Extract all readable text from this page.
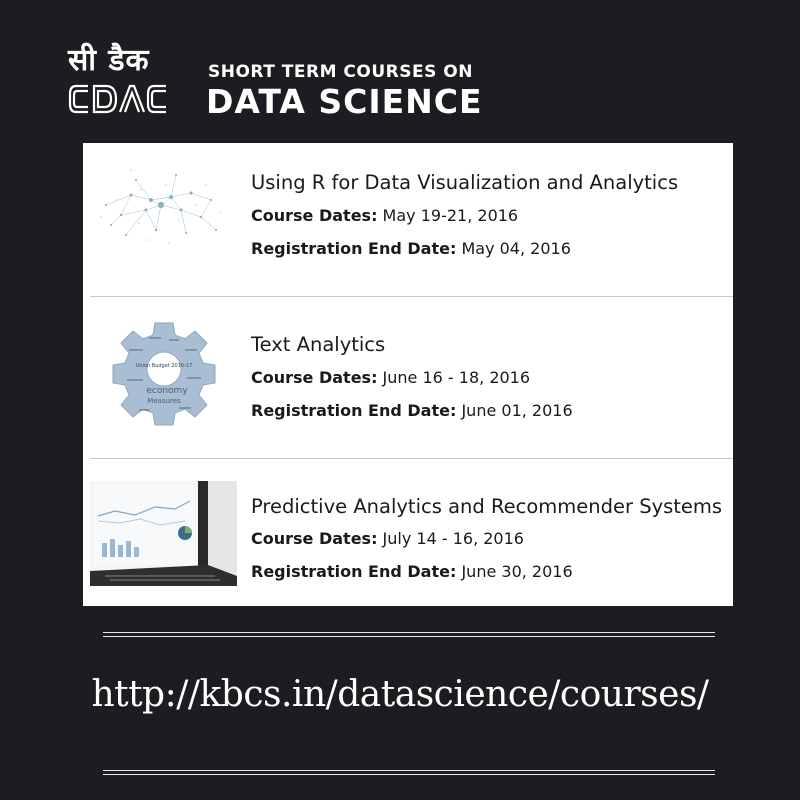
सी डैक	SHORT TERM COURSES ON
DATA SCIENCE
Using R for Data Visualization and Analytics
Course Dates: May 19-21, 2016
Registration End Date: May 04, 2016
Union Budget 2016-17
economy
Measures
Text Analytics
Course Dates: June 16 - 18, 2016
Registration End Date: June 01, 2016
Predictive Analytics and Recommender Systems
Course Dates: July 14 - 16, 2016
Registration End Date: June 30, 2016
http://kbcs.in/datascience/courses/
